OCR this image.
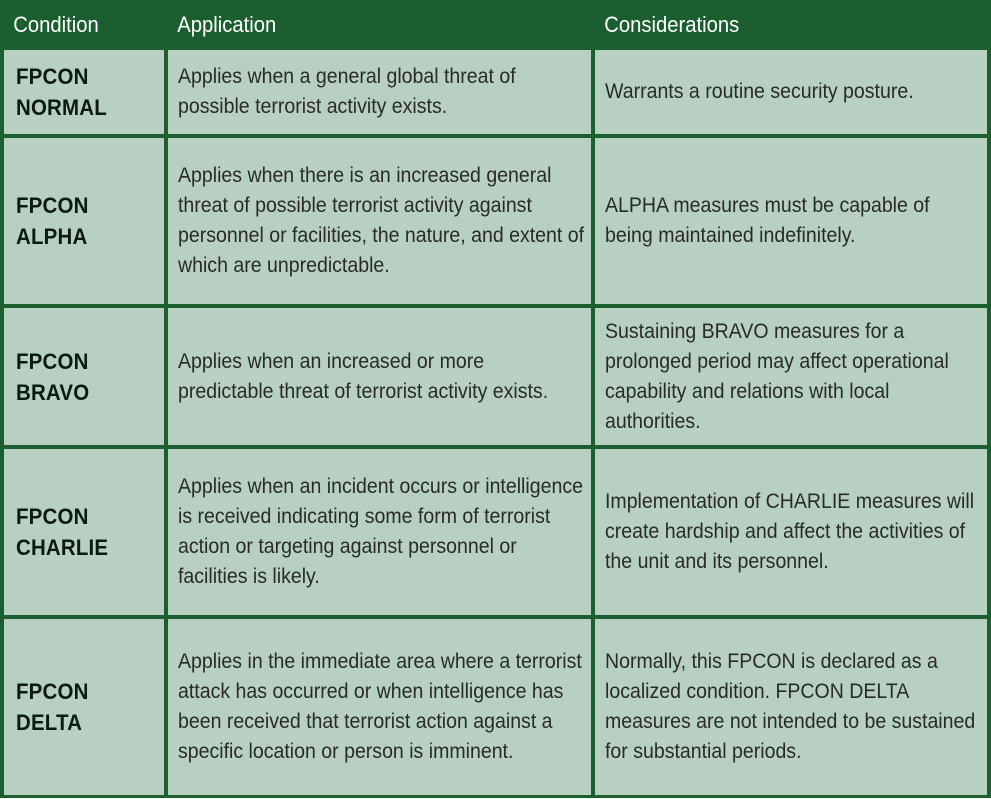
Condition	Application	Considerations
FPCON NORMAL	Applies when a general global threat of possible terrorist activity exists.	Warrants a routine security posture.
FPCON ALPHA	Applies when there is an increased general threat of possible terrorist activity against personnel or facilities, the nature, and extent of which are unpredictable.	ALPHA measures must be capable of being maintained indefinitely.
FPCON BRAVO	Applies when an increased or more predictable threat of terrorist activity exists.	Sustaining BRAVO measures for a prolonged period may affect operational capability and relations with local authorities.
FPCON CHARLIE	Applies when an incident occurs or intelligence is received indicating some form of terrorist action or targeting against personnel or facilities is likely.	Implementation of CHARLIE measures will create hardship and affect the activities of the unit and its personnel.
FPCON DELTA	Applies in the immediate area where a terrorist attack has occurred or when intelligence has been received that terrorist action against a specific location or person is imminent.	Normally, this FPCON is declared as a localized condition. FPCON DELTA measures are not intended to be sustained for substantial periods.
